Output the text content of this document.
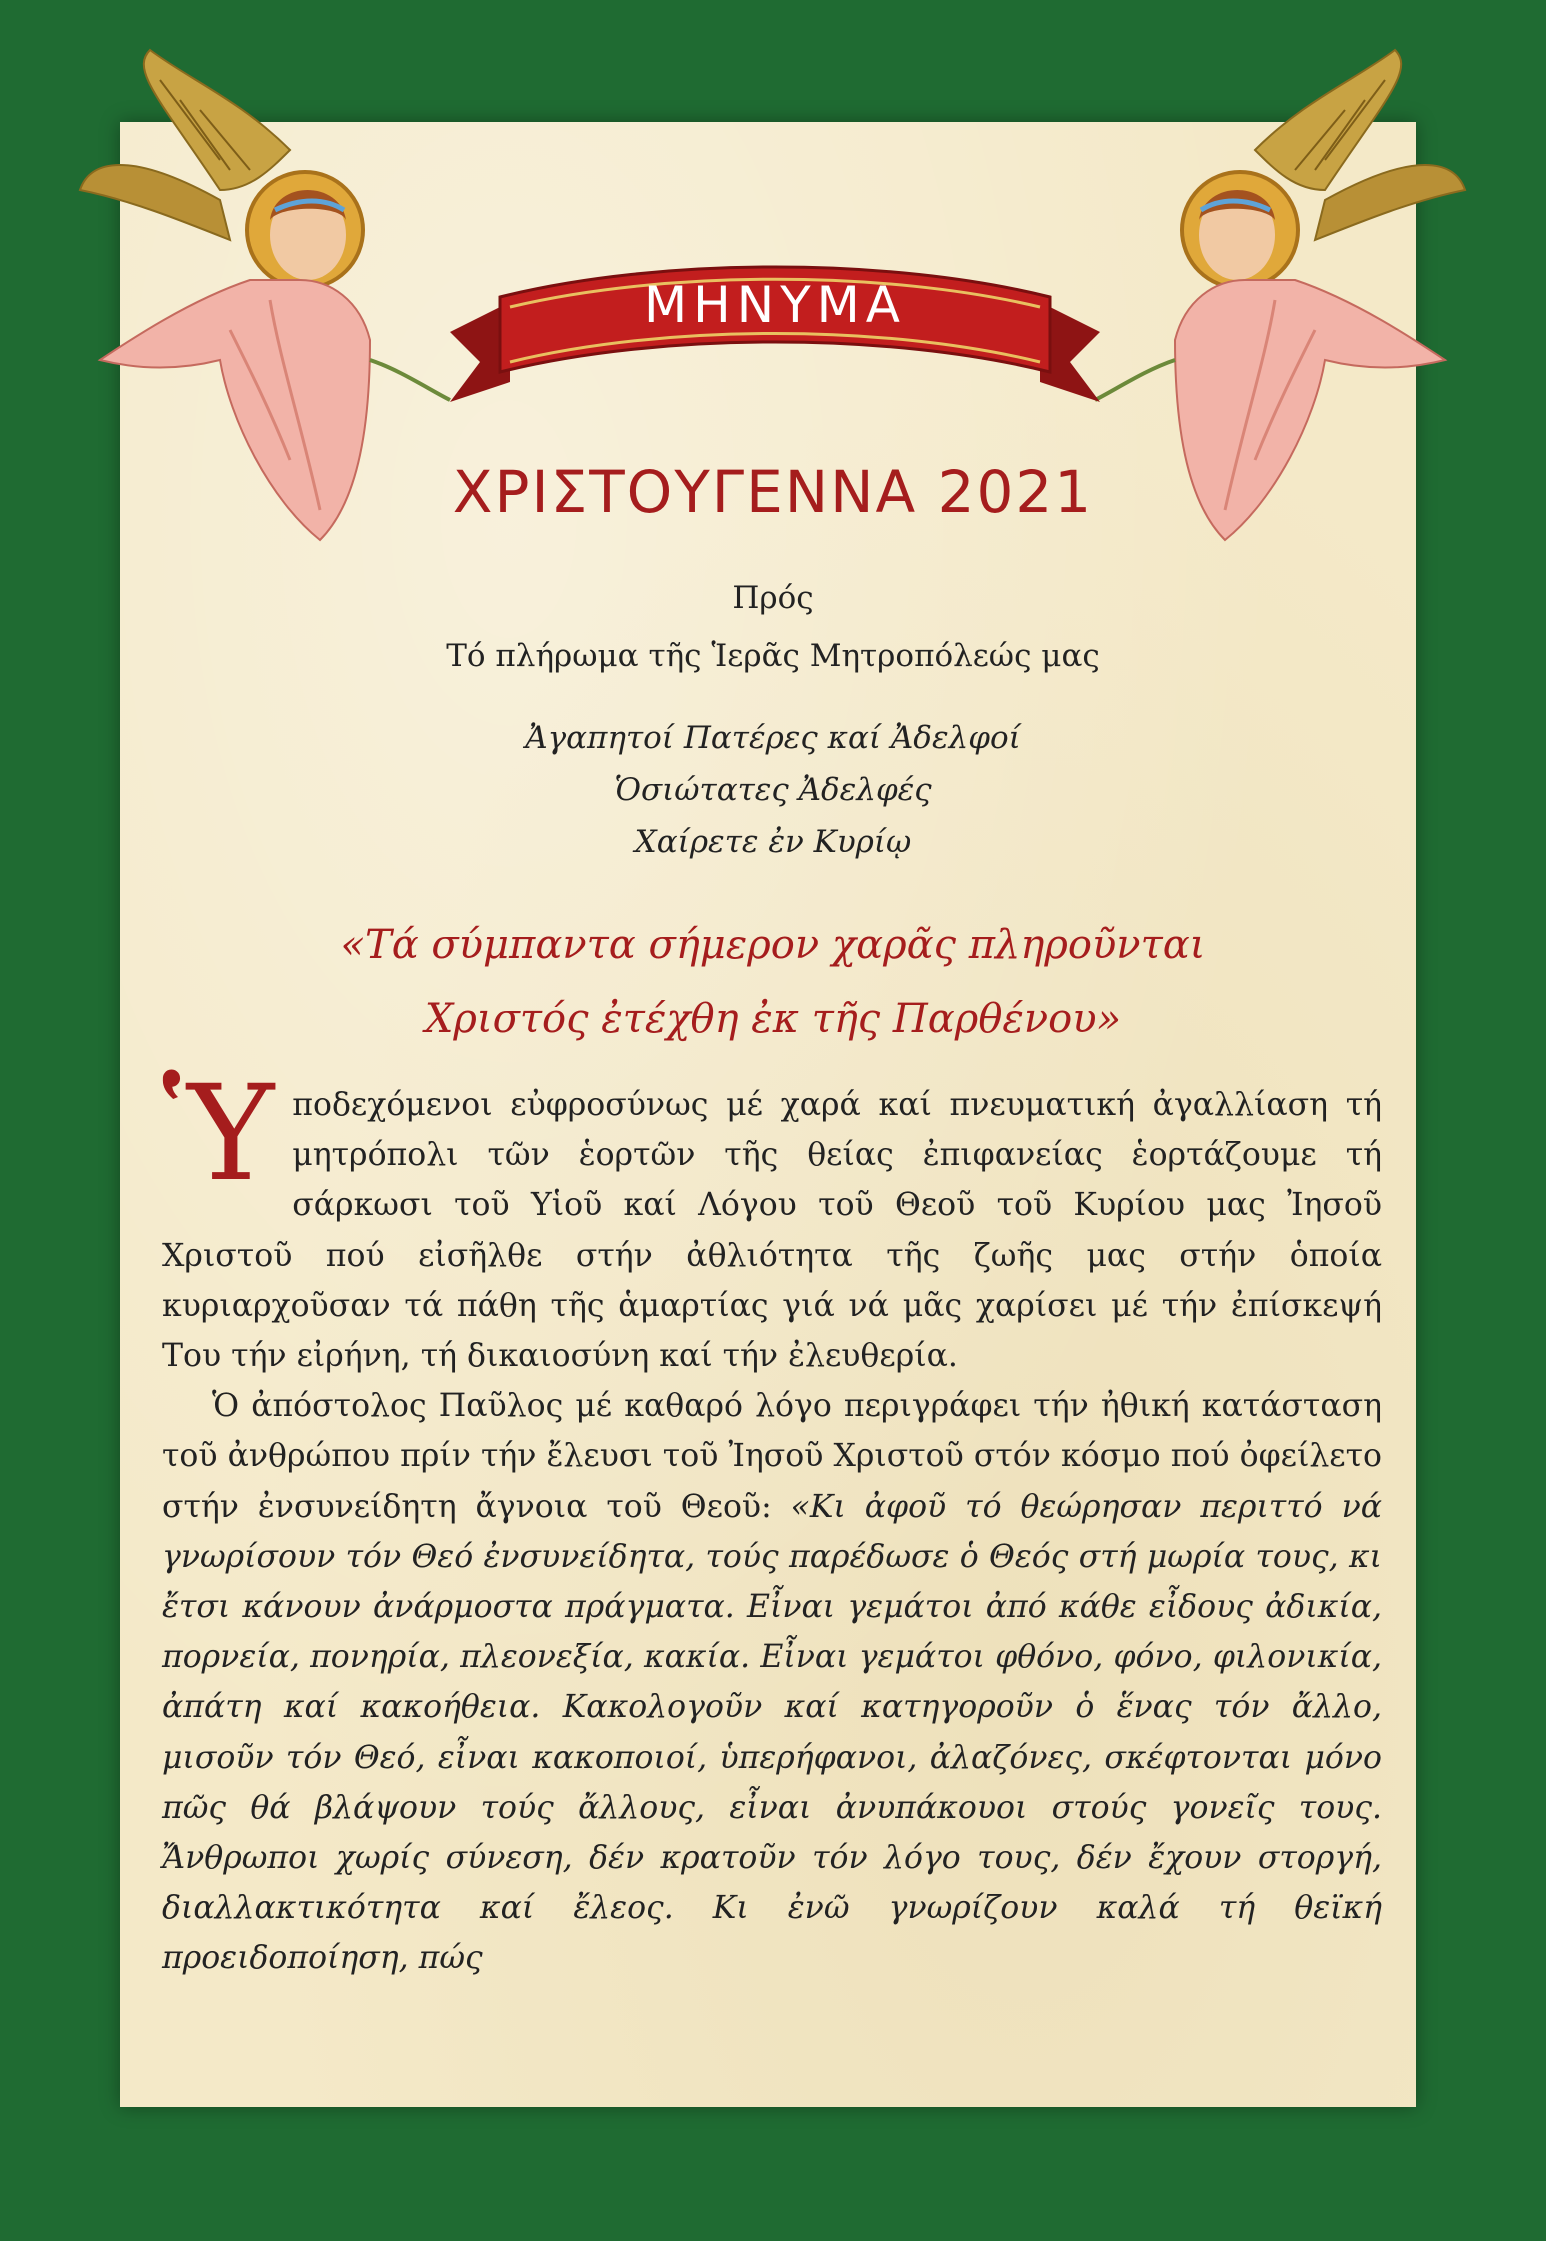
ΜΗΝΥΜΑ
ΧΡΙΣΤΟΥΓΕΝΝΑ 2021
Πρός
Τό πλήρωμα τῆς Ἱερᾶς Μητροπόλεώς μας
Ἀγαπητοί Πατέρες καί Ἀδελφοί
Ὁσιώτατες Ἀδελφές
Χαίρετε ἐν Κυρίῳ
«Τά σύμπαντα σήμερον χαρᾶς πληροῦνται
Χριστός ἐτέχθη ἐκ τῆς Παρθένου»

Ὑποδεχόμενοι εὐφροσύνως μέ χαρά καί πνευματική ἀγαλλίαση τή μητρόπολι τῶν ἑορτῶν τῆς θείας ἐπιφανείας ἑορτάζουμε τή σάρκωσι τοῦ Υἱοῦ καί Λόγου τοῦ Θεοῦ τοῦ Κυρίου μας Ἰησοῦ Χριστοῦ πού εἰσῆλθε στήν ἀθλιότητα τῆς ζωῆς μας στήν ὁποία κυριαρχοῦσαν τά πάθη τῆς ἁμαρτίας γιά νά μᾶς χαρίσει μέ τήν ἐπίσκεψή Του τήν εἰρήνη, τή δικαιοσύνη καί τήν ἐλευθερία.

Ὁ ἀπόστολος Παῦλος μέ καθαρό λόγο περιγράφει τήν ἠθική κατάσταση τοῦ ἀνθρώπου πρίν τήν ἔλευσι τοῦ Ἰησοῦ Χριστοῦ στόν κόσμο πού ὀφείλετο στήν ἐνσυνείδητη ἄγνοια τοῦ Θεοῦ: «Κι ἀφοῦ τό θεώρησαν περιττό νά γνωρίσουν τόν Θεό ἐνσυνείδητα, τούς παρέδωσε ὁ Θεός στή μωρία τους, κι ἔτσι κάνουν ἀνάρμοστα πράγματα. Εἶναι γεμάτοι ἀπό κάθε εἶδους ἀδικία, πορνεία, πονηρία, πλεονεξία, κακία. Εἶναι γεμάτοι φθόνο, φόνο, φιλονικία, ἀπάτη καί κακοήθεια. Κακολογοῦν καί κατηγοροῦν ὁ ἕνας τόν ἄλλο, μισοῦν τόν Θεό, εἶναι κακοποιοί, ὑπερήφανοι, ἀλαζόνες, σκέφτονται μόνο πῶς θά βλάψουν τούς ἄλλους, εἶναι ἀνυπάκουοι στούς γονεῖς τους. Ἄνθρωποι χωρίς σύνεση, δέν κρατοῦν τόν λόγο τους, δέν ἔχουν στοργή, διαλλακτικότητα καί ἔλεος. Κι ἐνῶ γνωρίζουν καλά τή θεϊκή προειδοποίηση, πώς
